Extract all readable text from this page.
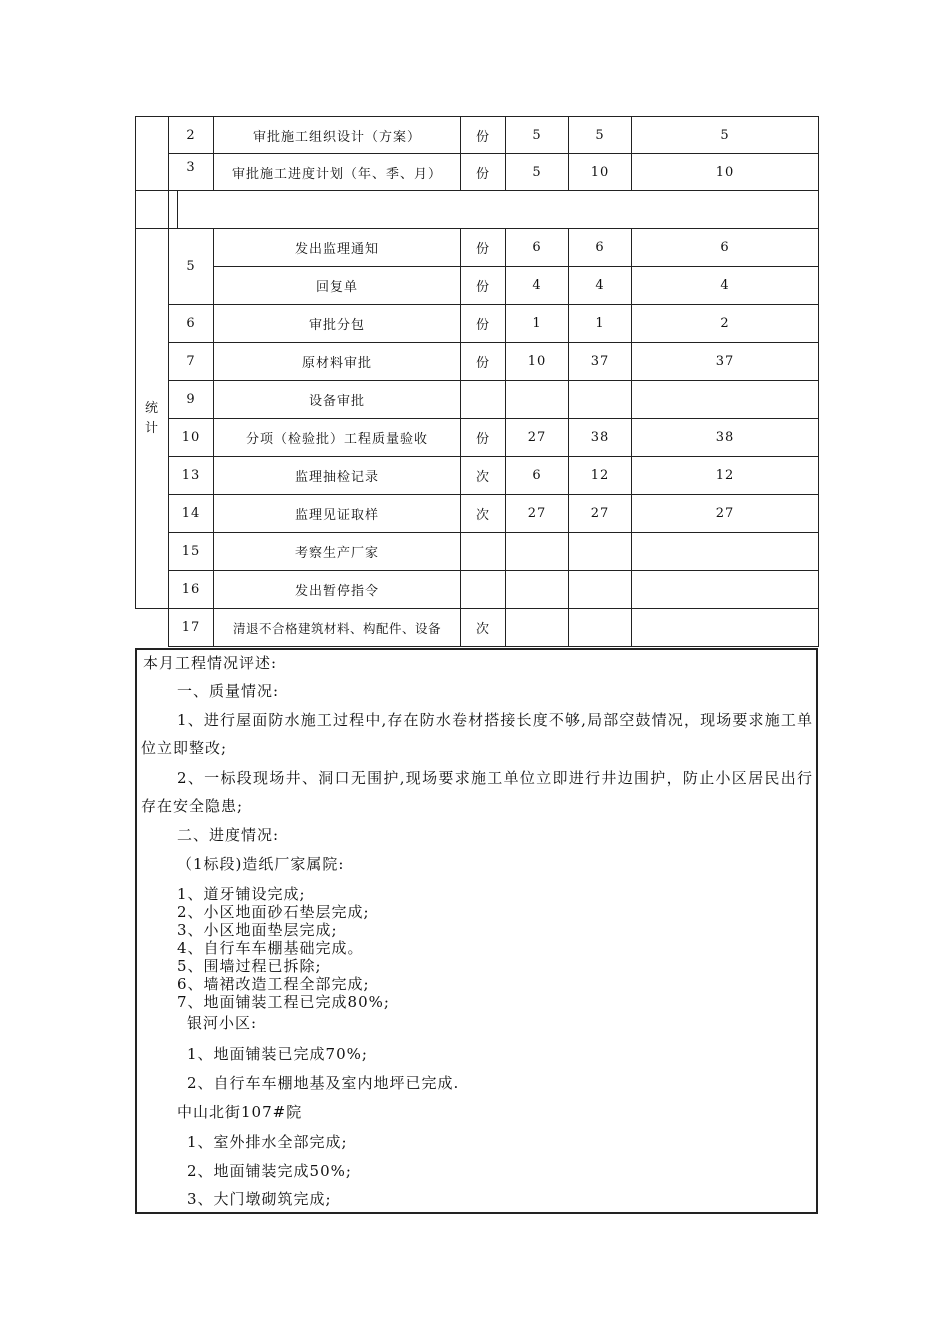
	2	审批施工组织设计（方案）	份	5	5	5
	3	审批施工进度计划（年、季、月）	份	5	10	10

统
计	5	发出监理通知	份	6	6	6
		回复单	份	4	4	4
	6	审批分包	份	1	1	2
	7	原材料审批	份	10	37	37
	9	设备审批				
	10	分项（检验批）工程质量验收	份	27	38	38
	13	监理抽检记录	次	6	12	12
	14	监理见证取样	次	27	27	27
	15	考察生产厂家				
	16	发出暂停指令				
	17	清退不合格建筑材料、构配件、设备	次			
本月工程情况评述:
一、质量情况:
1、进行屋面防水施工过程中,存在防水卷材搭接长度不够,局部空鼓情况，现场要求施工单位立即整改;
2、一标段现场井、洞口无围护,现场要求施工单位立即进行井边围护，防止小区居民出行存在安全隐患;
二、进度情况:
（1标段)造纸厂家属院:
1、道牙铺设完成;
2、小区地面砂石垫层完成;
3、小区地面垫层完成;
4、自行车车棚基础完成。
5、围墙过程已拆除;
6、墙裙改造工程全部完成;
7、地面铺装工程已完成80%;
银河小区:
1、地面铺装已完成70%;
2、自行车车棚地基及室内地坪已完成.
中山北街107#院
1、室外排水全部完成;
2、地面铺装完成50%;
3、大门墩砌筑完成;
